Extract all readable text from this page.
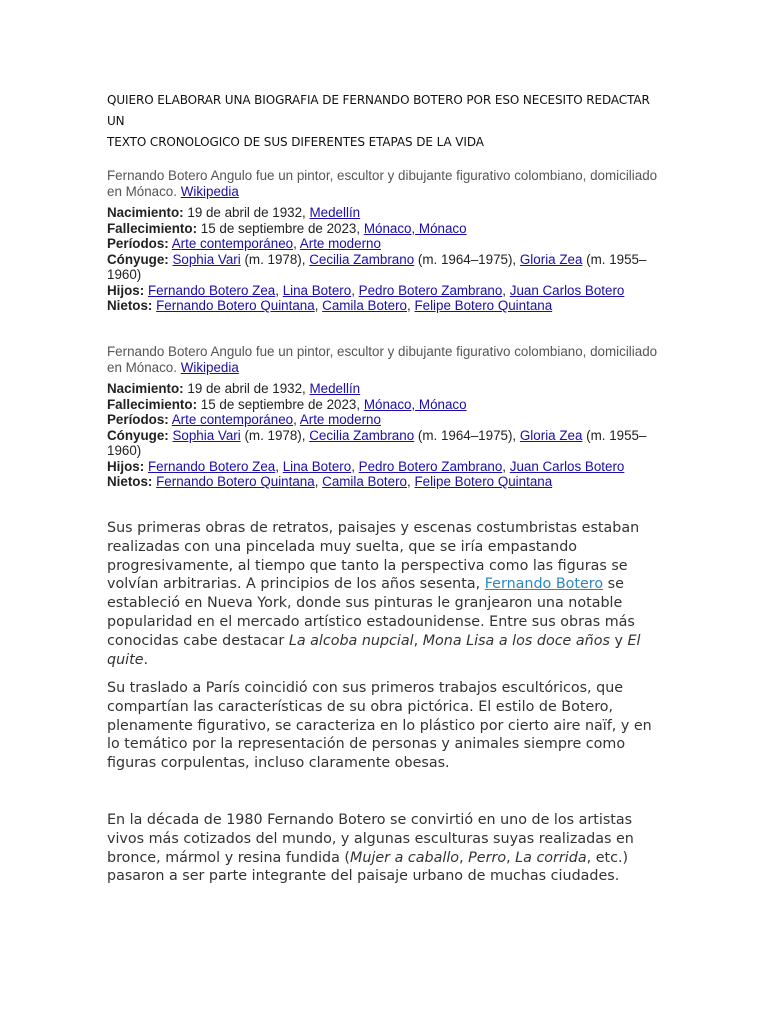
QUIERO ELABORAR UNA BIOGRAFIA DE FERNANDO BOTERO POR ESO NECESITO REDACTAR UN
TEXTO CRONOLOGICO DE SUS DIFERENTES ETAPAS DE LA VIDA

Fernando Botero Angulo fue un pintor, escultor y dibujante figurativo colombiano, domiciliado en Mónaco. Wikipedia

Nacimiento: 19 de abril de 1932, Medellín

Fallecimiento: 15 de septiembre de 2023, Mónaco, Mónaco

Períodos: Arte contemporáneo, Arte moderno

Cónyuge: Sophia Vari (m. 1978), Cecilia Zambrano (m. 1964–1975), Gloria Zea (m. 1955–1960)

Hijos: Fernando Botero Zea, Lina Botero, Pedro Botero Zambrano, Juan Carlos Botero

Nietos: Fernando Botero Quintana, Camila Botero, Felipe Botero Quintana

Fernando Botero Angulo fue un pintor, escultor y dibujante figurativo colombiano, domiciliado en Mónaco. Wikipedia

Nacimiento: 19 de abril de 1932, Medellín

Fallecimiento: 15 de septiembre de 2023, Mónaco, Mónaco

Períodos: Arte contemporáneo, Arte moderno

Cónyuge: Sophia Vari (m. 1978), Cecilia Zambrano (m. 1964–1975), Gloria Zea (m. 1955–1960)

Hijos: Fernando Botero Zea, Lina Botero, Pedro Botero Zambrano, Juan Carlos Botero

Nietos: Fernando Botero Quintana, Camila Botero, Felipe Botero Quintana

Sus primeras obras de retratos, paisajes y escenas costumbristas estaban realizadas con una pincelada muy suelta, que se iría empastando progresivamente, al tiempo que tanto la perspectiva como las figuras se volvían arbitrarias. A principios de los años sesenta, Fernando Botero se estableció en Nueva York, donde sus pinturas le granjearon una notable popularidad en el mercado artístico estadounidense. Entre sus obras más conocidas cabe destacar La alcoba nupcial, Mona Lisa a los doce años y El quite.

Su traslado a París coincidió con sus primeros trabajos escultóricos, que compartían las características de su obra pictórica. El estilo de Botero, plenamente figurativo, se caracteriza en lo plástico por cierto aire naïf, y en lo temático por la representación de personas y animales siempre como figuras corpulentas, incluso claramente obesas.

En la década de 1980 Fernando Botero se convirtió en uno de los artistas vivos más cotizados del mundo, y algunas esculturas suyas realizadas en bronce, mármol y resina fundida (Mujer a caballo, Perro, La corrida, etc.) pasaron a ser parte integrante del paisaje urbano de muchas ciudades.
